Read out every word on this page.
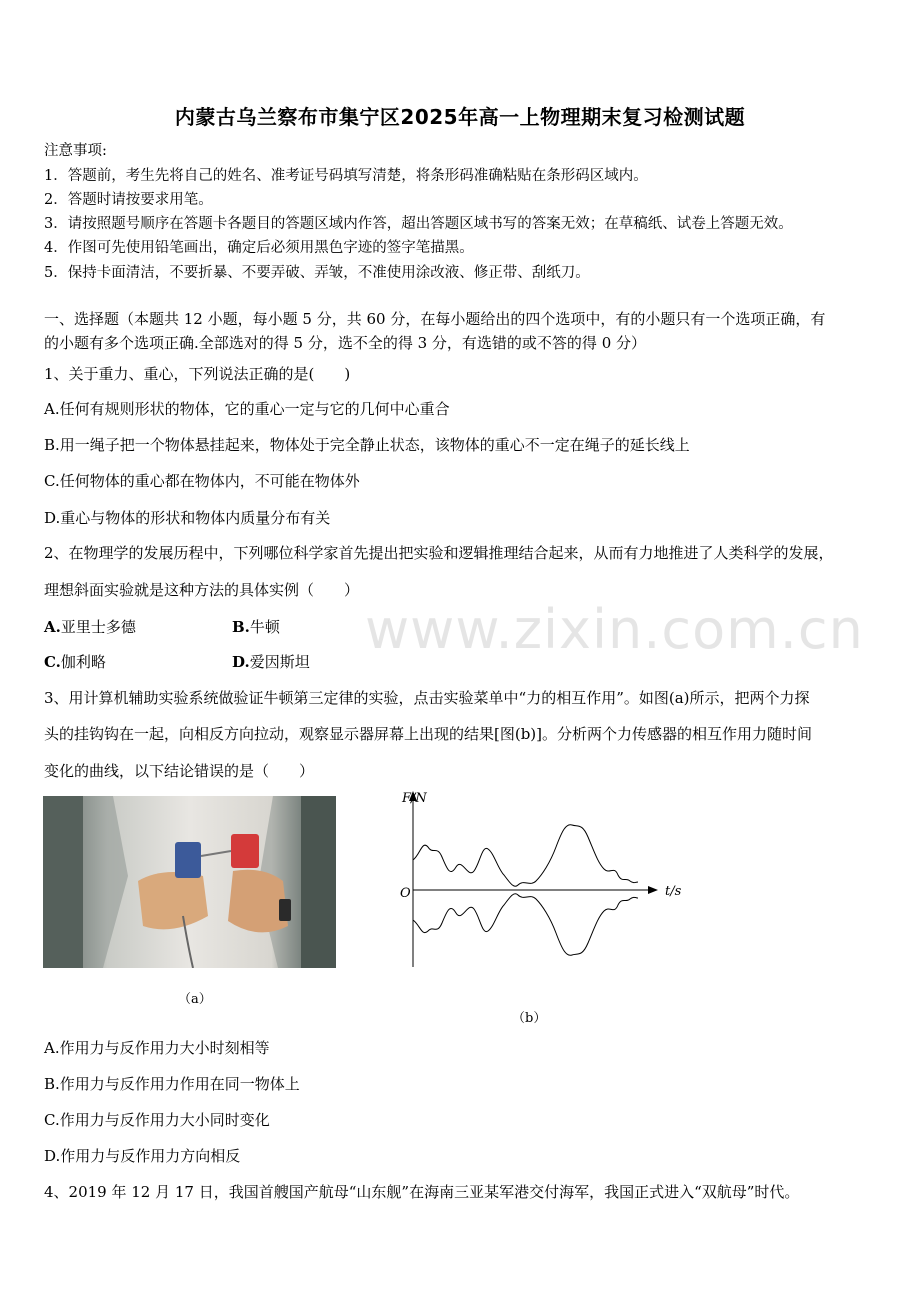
内蒙古乌兰察布市集宁区2025年高一上物理期末复习检测试题
注意事项:
1．答题前，考生先将自己的姓名、准考证号码填写清楚，将条形码准确粘贴在条形码区域内。
2．答题时请按要求用笔。
3．请按照题号顺序在答题卡各题目的答题区域内作答，超出答题区域书写的答案无效；在草稿纸、试卷上答题无效。
4．作图可先使用铅笔画出，确定后必须用黑色字迹的签字笔描黑。
5．保持卡面清洁，不要折暴、不要弄破、弄皱，不准使用涂改液、修正带、刮纸刀。
一、选择题（本题共 12 小题，每小题 5 分，共 60 分，在每小题给出的四个选项中，有的小题只有一个选项正确，有
的小题有多个选项正确.全部选对的得 5 分，选不全的得 3 分，有选错的或不答的得 0 分）
1、关于重力、重心，下列说法正确的是(　　)
A.任何有规则形状的物体，它的重心一定与它的几何中心重合
B.用一绳子把一个物体悬挂起来，物体处于完全静止状态，该物体的重心不一定在绳子的延长线上
C.任何物体的重心都在物体内，不可能在物体外
D.重心与物体的形状和物体内质量分布有关
2、在物理学的发展历程中，下列哪位科学家首先提出把实验和逻辑推理结合起来，从而有力地推进了人类科学的发展，
理想斜面实验就是这种方法的具体实例（　　）
www.zixin.com.cn
A.亚里士多德	B.牛顿
C.伽利略	D.爱因斯坦
3、用计算机辅助实验系统做验证牛顿第三定律的实验，点击实验菜单中“力的相互作用”。如图(a)所示，把两个力探
头的挂钩钩在一起，向相反方向拉动，观察显示器屏幕上出现的结果[图(b)]。分析两个力传感器的相互作用力随时间
变化的曲线，以下结论错误的是（　　）
（a）
F/N
t/s
O
（b）
A.作用力与反作用力大小时刻相等
B.作用力与反作用力作用在同一物体上
C.作用力与反作用力大小同时变化
D.作用力与反作用力方向相反
4、2019 年 12 月 17 日，我国首艘国产航母“山东舰”在海南三亚某军港交付海军，我国正式进入“双航母”时代。
